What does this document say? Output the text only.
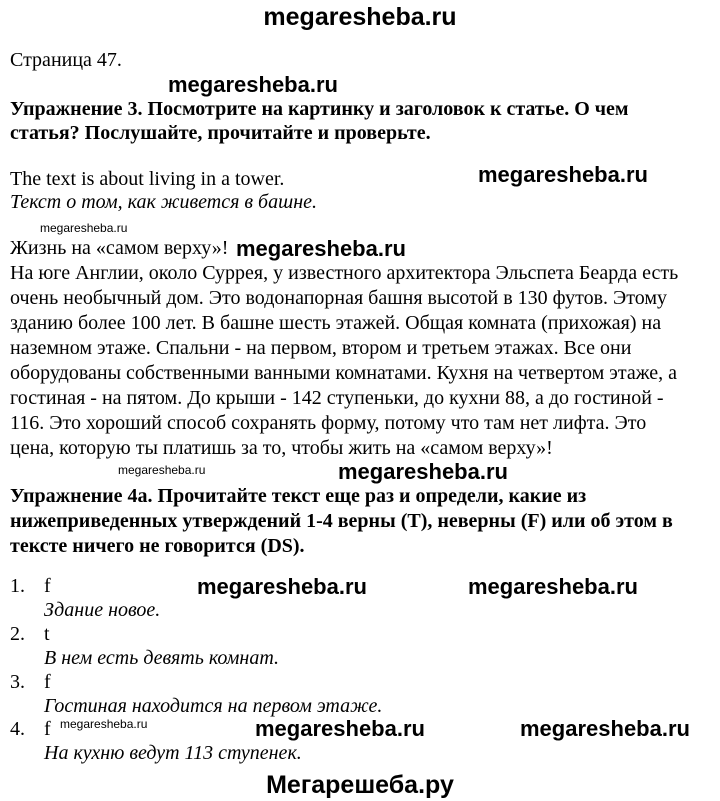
megaresheba.ru
Страница 47.
megaresheba.ru
Упражнение 3. Посмотрите на картинку и заголовок к статье. О чем
статья? Послушайте, прочитайте и проверьте.
The text is about living in a tower.	megaresheba.ru
Текст о том, как живется в башне.
megaresheba.ru
Жизнь на «самом верху»! megaresheba.ru
На юге Англии, около Суррея, у известного архитектора Эльспета Беарда есть
очень необычный дом. Это водонапорная башня высотой в 130 футов. Этому
зданию более 100 лет. В башне шесть этажей. Общая комната (прихожая) на
наземном этаже. Спальни - на первом, втором и третьем этажах. Все они
оборудованы собственными ванными комнатами. Кухня на четвертом этаже, а
гостиная - на пятом. До крыши - 142 ступеньки, до кухни 88, а до гостиной -
116. Это хороший способ сохранять форму, потому что там нет лифта. Это
цена, которую ты платишь за то, чтобы жить на «самом верху»!
megaresheba.ru	megaresheba.ru
Упражнение 4а. Прочитайте текст еще раз и определи, какие из
нижеприведенных утверждений 1-4 верны (T), неверны (F) или об этом в
тексте ничего не говорится (DS).
1. f	megaresheba.ru	megaresheba.ru
Здание новое.
2. t
В нем есть девять комнат.
3. f
Гостиная находится на первом этаже.
4. f megaresheba.ru	megaresheba.ru	megaresheba.ru
На кухню ведут 113 ступенек.
Мегарешеба.ру
